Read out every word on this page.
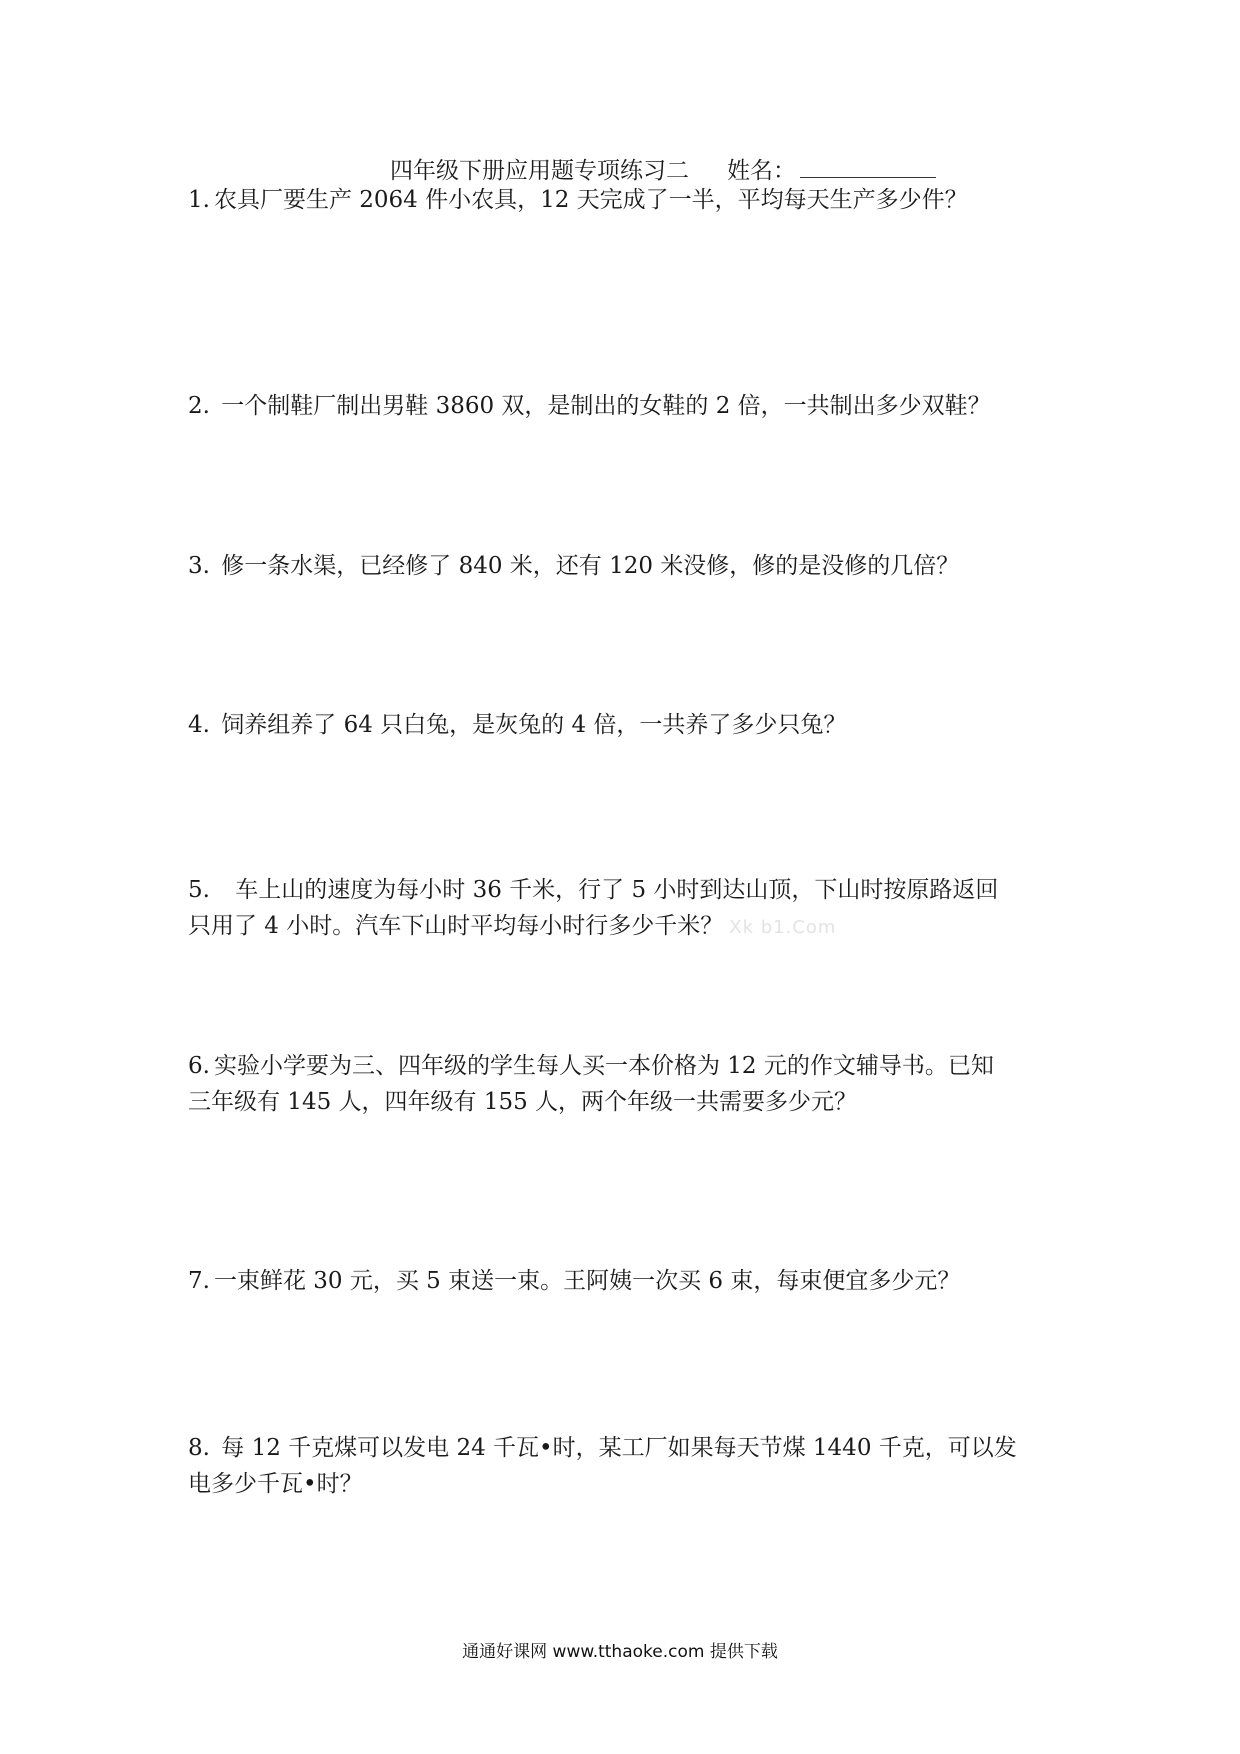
四年级下册应用题专项练习二 姓名：
1. 农具厂要生产 2064 件小农具，12 天完成了一半，平均每天生产多少件？
2. 一个制鞋厂制出男鞋 3860 双，是制出的女鞋的 2 倍，一共制出多少双鞋？
3. 修一条水渠，已经修了 840 米，还有 120 米没修，修的是没修的几倍？
4. 饲养组养了 64 只白兔，是灰兔的 4 倍，一共养了多少只兔？
5. 车上山的速度为每小时 36 千米，行了 5 小时到达山顶，下山时按原路返回
只用了 4 小时。汽车下山时平均每小时行多少千米？ Xk b1.Com
6. 实验小学要为三、四年级的学生每人买一本价格为 12 元的作文辅导书。已知
三年级有 145 人，四年级有 155 人，两个年级一共需要多少元？
7. 一束鲜花 30 元，买 5 束送一束。王阿姨一次买 6 束，每束便宜多少元？
8. 每 12 千克煤可以发电 24 千瓦•时，某工厂如果每天节煤 1440 千克，可以发
电多少千瓦•时？
通通好课网 www.tthaoke.com 提供下载
